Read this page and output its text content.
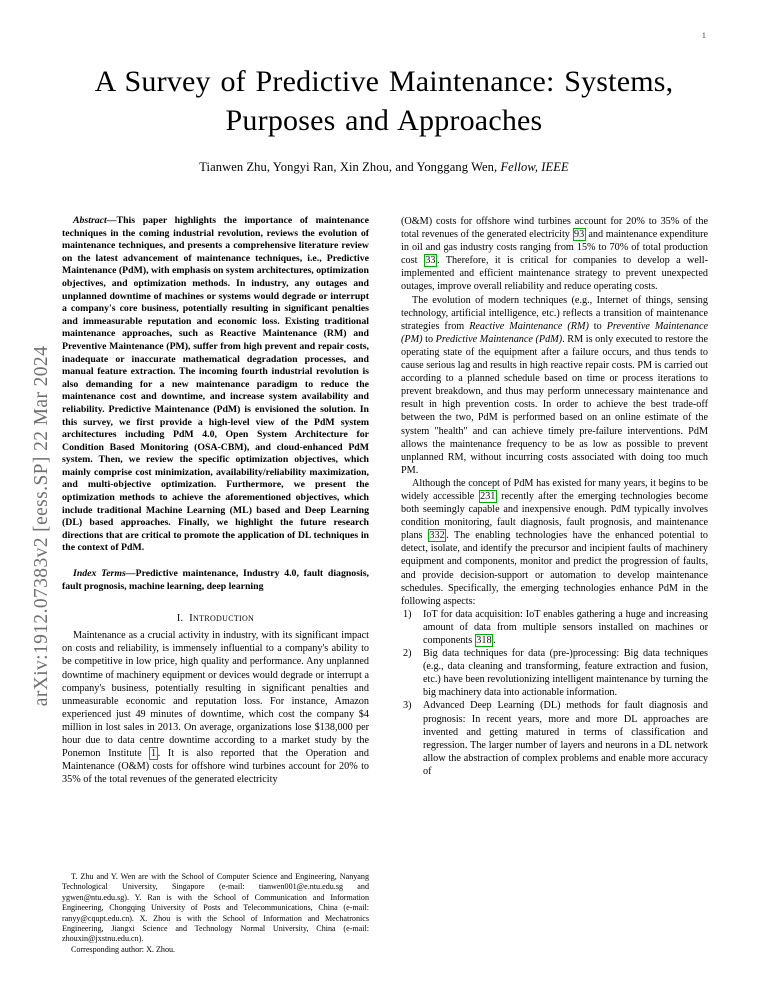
arXiv:1912.07383v2 [eess.SP] 22 Mar 2024
1
A Survey of Predictive Maintenance: Systems, Purposes and Approaches
Tianwen Zhu, Yongyi Ran, Xin Zhou, and Yonggang Wen, Fellow, IEEE

Abstract—This paper highlights the importance of maintenance techniques in the coming industrial revolution, reviews the evolution of maintenance techniques, and presents a comprehensive literature review on the latest advancement of maintenance techniques, i.e., Predictive Maintenance (PdM), with emphasis on system architectures, optimization objectives, and optimization methods. In industry, any outages and unplanned downtime of machines or systems would degrade or interrupt a company's core business, potentially resulting in significant penalties and immeasurable reputation and economic loss. Existing traditional maintenance approaches, such as Reactive Maintenance (RM) and Preventive Maintenance (PM), suffer from high prevent and repair costs, inadequate or inaccurate mathematical degradation processes, and manual feature extraction. The incoming fourth industrial revolution is also demanding for a new maintenance paradigm to reduce the maintenance cost and downtime, and increase system availability and reliability. Predictive Maintenance (PdM) is envisioned the solution. In this survey, we first provide a high-level view of the PdM system architectures including PdM 4.0, Open System Architecture for Condition Based Monitoring (OSA-CBM), and cloud-enhanced PdM system. Then, we review the specific optimization objectives, which mainly comprise cost minimization, availability/reliability maximization, and multi-objective optimization. Furthermore, we present the optimization methods to achieve the aforementioned objectives, which include traditional Machine Learning (ML) based and Deep Learning (DL) based approaches. Finally, we highlight the future research directions that are critical to promote the application of DL techniques in the context of PdM.

Index Terms—Predictive maintenance, Industry 4.0, fault diagnosis, fault prognosis, machine learning, deep learning

I. Introduction

Maintenance as a crucial activity in industry, with its significant impact on costs and reliability, is immensely influential to a company's ability to be competitive in low price, high quality and performance. Any unplanned downtime of machinery equipment or devices would degrade or interrupt a company's business, potentially resulting in significant penalties and unmeasurable economic and reputation loss. For instance, Amazon experienced just 49 minutes of downtime, which cost the company $4 million in lost sales in 2013. On average, organizations lose $138,000 per hour due to data centre downtime according to a market study by the Ponemon Institute 1 . It is also reported that the Operation and Maintenance (O&M) costs for offshore wind turbines account for 20% to 35% of the total revenues of the generated electricity

(O&M) costs for offshore wind turbines account for 20% to 35% of the total revenues of the generated electricity 93 and maintenance expenditure in oil and gas industry costs ranging from 15% to 70% of total production cost 33 . Therefore, it is critical for companies to develop a well-implemented and efficient maintenance strategy to prevent unexpected outages, improve overall reliability and reduce operating costs.

The evolution of modern techniques (e.g., Internet of things, sensing technology, artificial intelligence, etc.) reflects a transition of maintenance strategies from Reactive Maintenance (RM) to Preventive Maintenance (PM) to Predictive Maintenance (PdM). RM is only executed to restore the operating state of the equipment after a failure occurs, and thus tends to cause serious lag and results in high reactive repair costs. PM is carried out according to a planned schedule based on time or process iterations to prevent breakdown, and thus may perform unnecessary maintenance and result in high prevention costs. In order to achieve the best trade-off between the two, PdM is performed based on an online estimate of the system "health" and can achieve timely pre-failure interventions. PdM allows the maintenance frequency to be as low as possible to prevent unplanned RM, without incurring costs associated with doing too much PM.

Although the concept of PdM has existed for many years, it begins to be widely accessible 231 recently after the emerging technologies become both seemingly capable and inexpensive enough. PdM typically involves condition monitoring, fault diagnosis, fault prognosis, and maintenance plans 332 . The enabling technologies have the enhanced potential to detect, isolate, and identify the precursor and incipient faults of machinery equipment and components, monitor and predict the progression of faults, and provide decision-support or automation to develop maintenance schedules. Specifically, the emerging technologies enhance PdM in the following aspects:

1)	IoT for data acquisition: IoT enables gathering a huge and increasing amount of data from multiple sensors installed on machines or components 318 .
2)	Big data techniques for data (pre-)processing: Big data techniques (e.g., data cleaning and transforming, feature extraction and fusion, etc.) have been revolutionizing intelligent maintenance by turning the big machinery data into actionable information.
3)	Advanced Deep Learning (DL) methods for fault diagnosis and prognosis: In recent years, more and more DL approaches are invented and getting matured in terms of classification and regression. The larger number of layers and neurons in a DL network allow the abstraction of complex problems and enable more accuracy of

T. Zhu and Y. Wen are with the School of Computer Science and Engineering, Nanyang Technological University, Singapore (e-mail: tianwen001@e.ntu.edu.sg and ygwen@ntu.edu.sg). Y. Ran is with the School of Communication and Information Engineering, Chongqing University of Posts and Telecommunications, China (e-mail: ranyy@cqupt.edu.cn). X. Zhou is with the School of Information and Mechatronics Engineering, Jiangxi Science and Technology Normal University, China (e-mail: zhouxin@jxstnu.edu.cn).

Corresponding author: X. Zhou.
